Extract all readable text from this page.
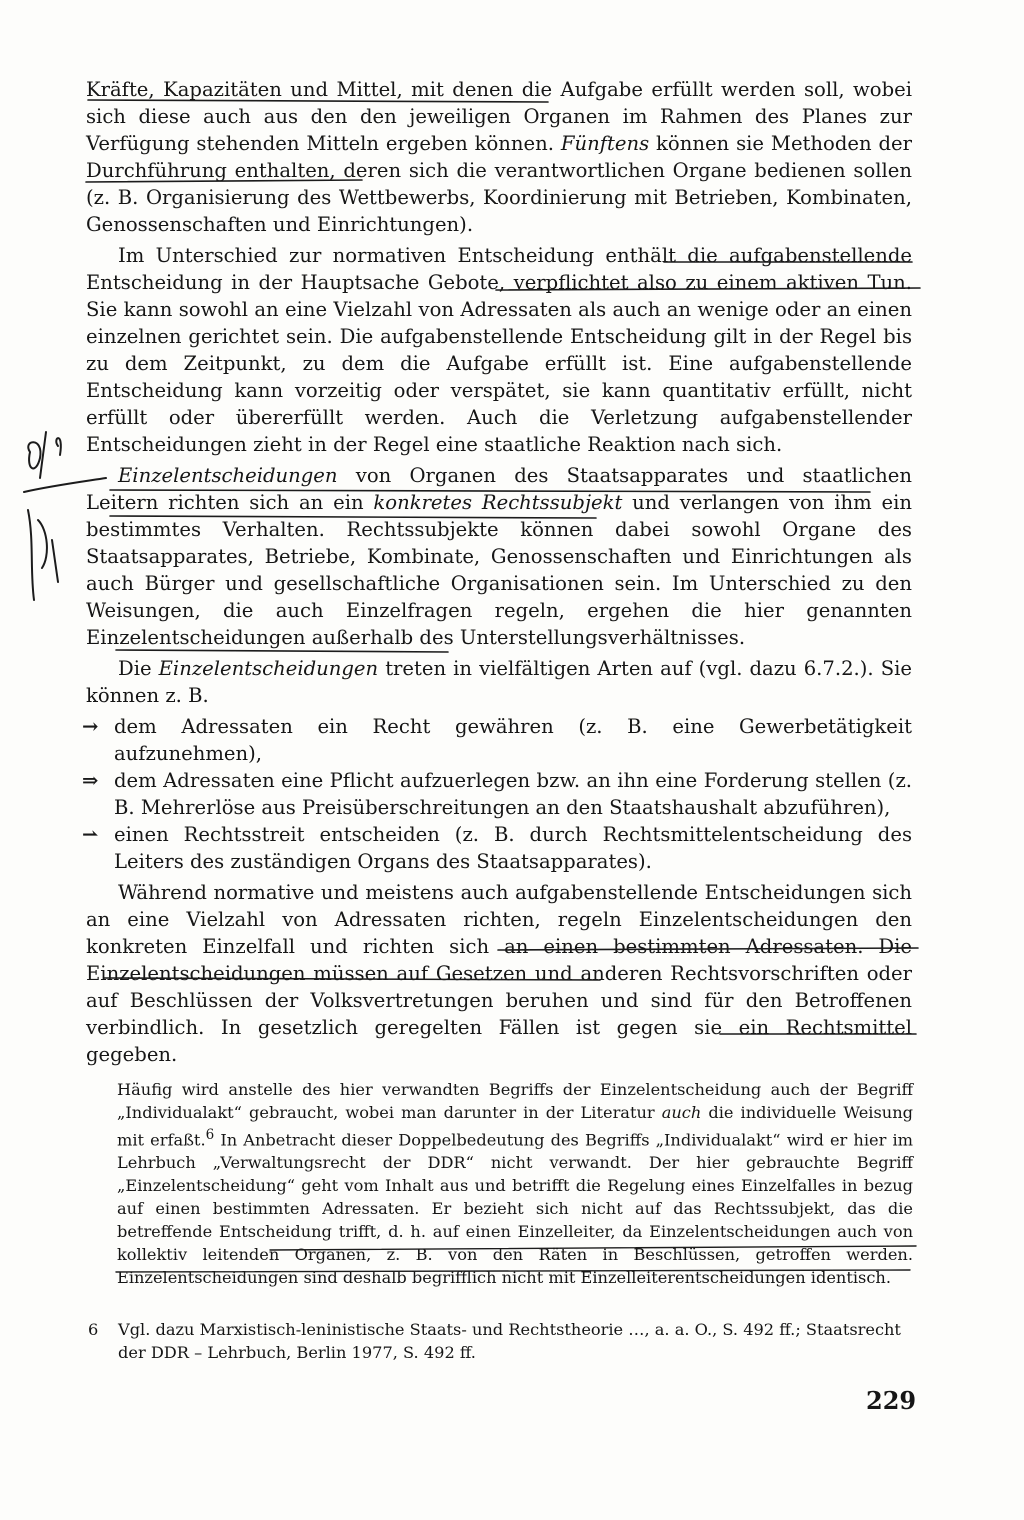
Kräfte, Kapazitäten und Mittel, mit denen die Aufgabe erfüllt werden soll, wobei sich diese auch aus den den jeweiligen Organen im Rahmen des Planes zur Verfügung stehenden Mitteln ergeben können. Fünftens können sie Methoden der Durchführung enthalten, deren sich die verantwortlichen Organe bedienen sollen (z. B. Organisierung des Wettbewerbs, Koordinierung mit Betrieben, Kombinaten, Genossenschaften und Einrichtungen).

Im Unterschied zur normativen Entscheidung enthält die aufgabenstellende Entscheidung in der Hauptsache Gebote, verpflichtet also zu einem aktiven Tun. Sie kann sowohl an eine Vielzahl von Adressaten als auch an wenige oder an einen einzelnen gerichtet sein. Die aufgabenstellende Entscheidung gilt in der Regel bis zu dem Zeitpunkt, zu dem die Aufgabe erfüllt ist. Eine aufgabenstellende Entscheidung kann vorzeitig oder verspätet, sie kann quantitativ erfüllt, nicht erfüllt oder übererfüllt werden. Auch die Verletzung aufgabenstellender Entscheidungen zieht in der Regel eine staatliche Reaktion nach sich.

Einzelentscheidungen von Organen des Staatsapparates und staatlichen Leitern richten sich an ein konkretes Rechtssubjekt und verlangen von ihm ein bestimmtes Verhalten. Rechtssubjekte können dabei sowohl Organe des Staatsapparates, Betriebe, Kombinate, Genossenschaften und Einrichtungen als auch Bürger und gesellschaftliche Organisationen sein. Im Unterschied zu den Weisungen, die auch Einzelfragen regeln, ergehen die hier genannten Einzelentscheidungen außerhalb des Unterstellungsverhältnisses.

Die Einzelentscheidungen treten in vielfältigen Arten auf (vgl. dazu 6.7.2.). Sie können z. B.

→ dem Adressaten ein Recht gewähren (z. B. eine Gewerbetätigkeit aufzunehmen),
⇒ dem Adressaten eine Pflicht aufzuerlegen bzw. an ihn eine Forderung stellen (z. B. Mehrerlöse aus Preisüberschreitungen an den Staatshaushalt abzuführen),
⇀ einen Rechtsstreit entscheiden (z. B. durch Rechtsmittelentscheidung des Leiters des zuständigen Organs des Staatsapparates).

Während normative und meistens auch aufgabenstellende Entscheidungen sich an eine Vielzahl von Adressaten richten, regeln Einzelentscheidungen den konkreten Einzelfall und richten sich an einen bestimmten Adressaten. Die Einzelentscheidungen müssen auf Gesetzen und anderen Rechtsvorschriften oder auf Beschlüssen der Volksvertretungen beruhen und sind für den Betroffenen verbindlich. In gesetzlich geregelten Fällen ist gegen sie ein Rechtsmittel gegeben.

Häufig wird anstelle des hier verwandten Begriffs der Einzelentscheidung auch der Begriff „Individualakt“ gebraucht, wobei man darunter in der Literatur auch die individuelle Weisung mit erfaßt.$^6$ In Anbetracht dieser Doppelbedeutung des Begriffs „Individualakt“ wird er hier im Lehrbuch „Verwaltungsrecht der DDR“ nicht verwandt. Der hier gebrauchte Begriff „Einzelentscheidung“ geht vom Inhalt aus und betrifft die Regelung eines Einzelfalles in bezug auf einen bestimmten Adressaten. Er bezieht sich nicht auf das Rechtssubjekt, das die betreffende Entscheidung trifft, d. h. auf einen Einzelleiter, da Einzelentscheidungen auch von kollektiv leitenden Organen, z. B. von den Räten in Beschlüssen, getroffen werden. Einzelentscheidungen sind deshalb begrifflich nicht mit Einzelleiterentscheidungen identisch.

6 Vgl. dazu Marxistisch-leninistische Staats- und Rechtstheorie …, a. a. O., S. 492 ff.; Staatsrecht der DDR – Lehrbuch, Berlin 1977, S. 492 ff.
229
